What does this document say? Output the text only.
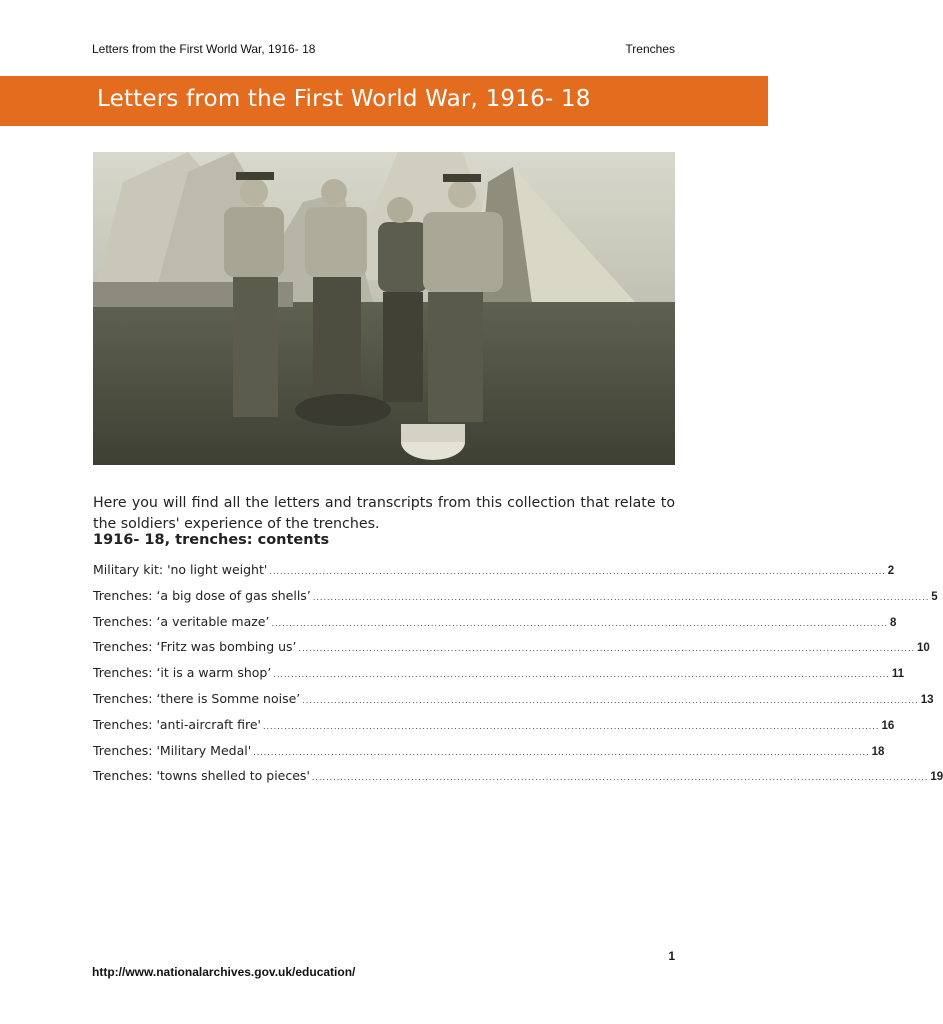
Letters from the First World War, 1916- 18	Trenches
Letters from the First World War, 1916- 18

Here you will find all the letters and transcripts from this collection that relate to the soldiers' experience of the trenches.

1916- 18, trenches: contents
Military kit: 'no light weight' .............................................................................................................................................................................. 2
Trenches: ‘a big dose of gas shells’ .............................................................................................................................................................................. 5
Trenches: ‘a veritable maze’ .............................................................................................................................................................................. 8
Trenches: ‘Fritz was bombing us’ .............................................................................................................................................................................. 10
Trenches: ‘it is a warm shop’ .............................................................................................................................................................................. 11
Trenches: ‘there is Somme noise’ .............................................................................................................................................................................. 13
Trenches: 'anti-aircraft fire' .............................................................................................................................................................................. 16
Trenches: 'Military Medal' .............................................................................................................................................................................. 18
Trenches: 'towns shelled to pieces' .............................................................................................................................................................................. 19
1
http://www.nationalarchives.gov.uk/education/
